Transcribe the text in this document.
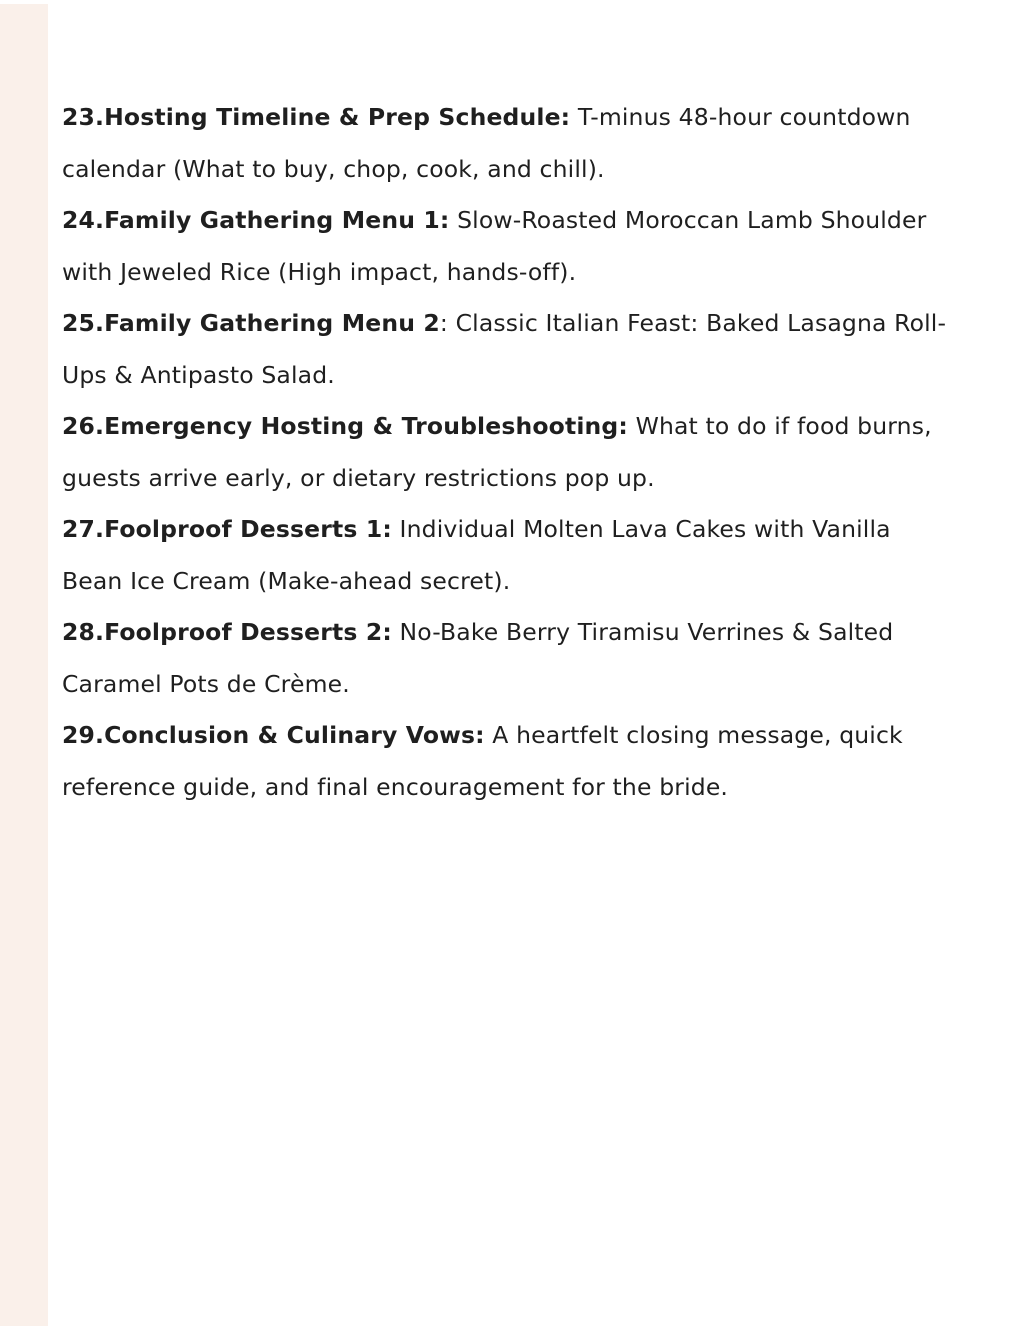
23.Hosting Timeline & Prep Schedule: T-minus 48-hour countdown calendar (What to buy, chop, cook, and chill).

24.Family Gathering Menu 1: Slow-Roasted Moroccan Lamb Shoulder with Jeweled Rice (High impact, hands-off).

25.Family Gathering Menu 2: Classic Italian Feast: Baked Lasagna Roll-Ups & Antipasto Salad.

26.Emergency Hosting & Troubleshooting: What to do if food burns, guests arrive early, or dietary restrictions pop up.

27.Foolproof Desserts 1: Individual Molten Lava Cakes with Vanilla Bean Ice Cream (Make-ahead secret).

28.Foolproof Desserts 2: No-Bake Berry Tiramisu Verrines & Salted Caramel Pots de Crème.

29.Conclusion & Culinary Vows: A heartfelt closing message, quick reference guide, and final encouragement for the bride.
